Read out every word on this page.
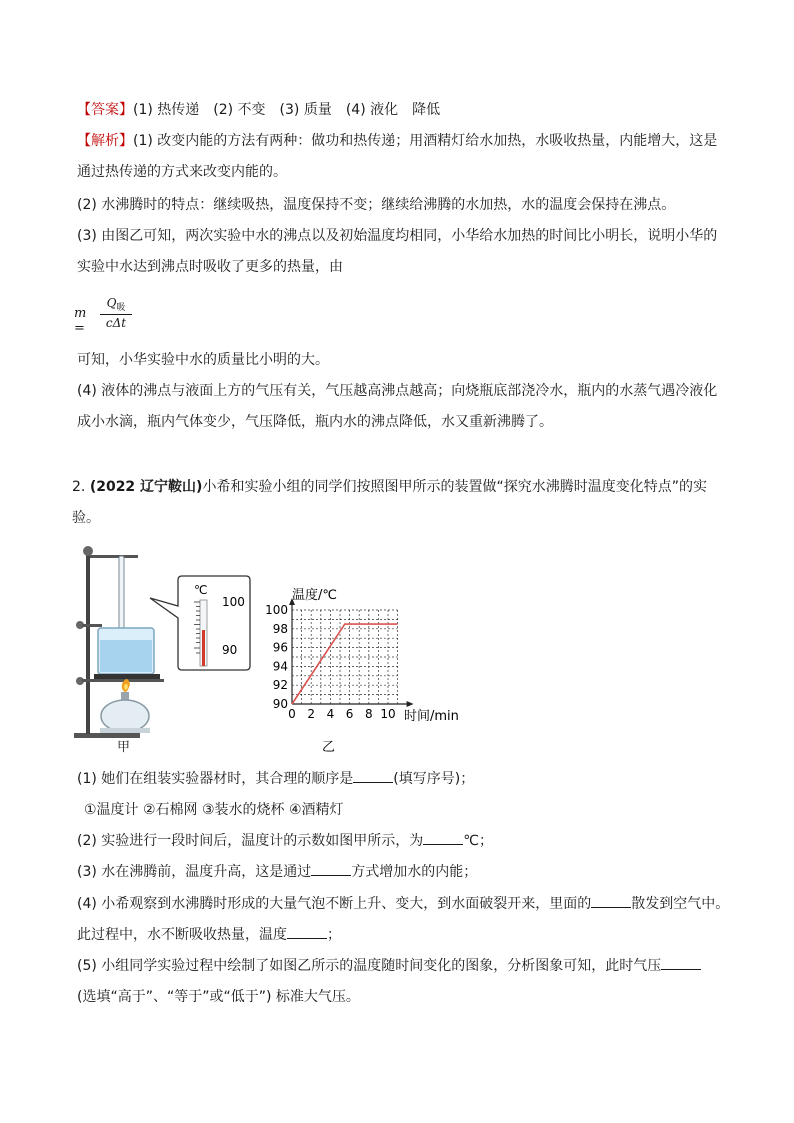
【答案】(1) 热传递　(2) 不变　(3) 质量　(4) 液化　降低
【解析】(1) 改变内能的方法有两种：做功和热传递；用酒精灯给水加热，水吸收热量，内能增大，这是
通过热传递的方式来改变内能的。
(2) 水沸腾时的特点：继续吸热，温度保持不变；继续给沸腾的水加热，水的温度会保持在沸点。
(3) 由图乙可知，两次实验中水的沸点以及初始温度均相同，小华给水加热的时间比小明长，说明小华的
实验中水达到沸点时吸收了更多的热量，由
m =
$Q_吸$
cΔt
可知，小华实验中水的质量比小明的大。
(4) 液体的沸点与液面上方的气压有关，气压越高沸点越高；向烧瓶底部浇冷水，瓶内的水蒸气遇冷液化
成小水滴，瓶内气体变少，气压降低，瓶内水的沸点降低，水又重新沸腾了。
2. (2022 辽宁鞍山)小希和实验小组的同学们按照图甲所示的装置做“探究水沸腾时温度变化特点”的实
验。
甲
℃
100
90
100
98
96
94
92
90
10
8
6
4
2
0
温度/℃
时间/min
乙
(1) 她们在组装实验器材时，其合理的顺序是	(填写序号)；
①温度计 ②石棉网 ③装水的烧杯 ④酒精灯
(2) 实验进行一段时间后，温度计的示数如图甲所示，为	℃；
(3) 水在沸腾前，温度升高，这是通过	方式增加水的内能；
(4) 小希观察到水沸腾时形成的大量气泡不断上升、变大，到水面破裂开来，里面的	散发到空气中。
此过程中，水不断吸收热量，温度	；
(5) 小组同学实验过程中绘制了如图乙所示的温度随时间变化的图象，分析图象可知，此时气压
(选填“高于”、“等于”或“低于”) 标准大气压。
